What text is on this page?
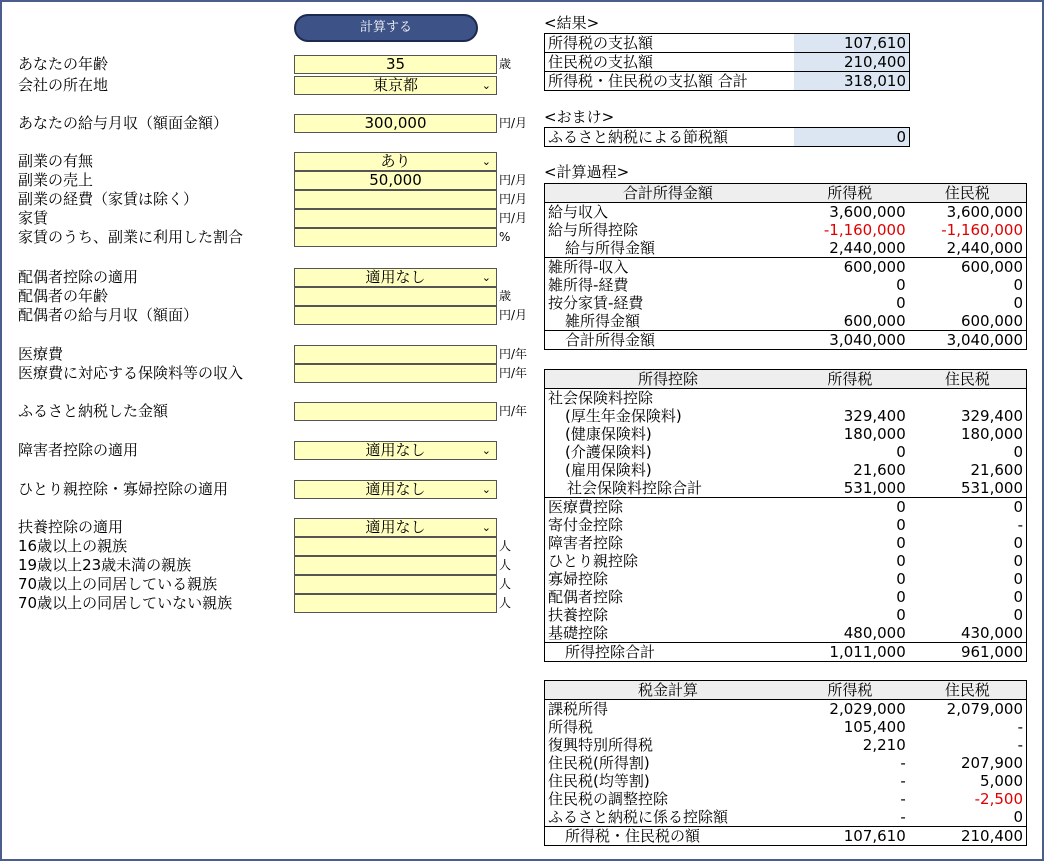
計算する
あなたの年齢	35	歳
会社の所在地	東京都	⌄
あなたの給与月収（額面金額）	300,000	円/月
副業の有無	あり	⌄
副業の売上	50,000	円/月
副業の経費（家賃は除く）	円/月
家賃	円/月
家賃のうち、副業に利用した割合	%
配偶者控除の適用	適用なし	⌄
配偶者の年齢	歳
配偶者の給与月収（額面）	円/月
医療費	円/年
医療費に対応する保険料等の収入	円/年
ふるさと納税した金額	円/年
障害者控除の適用	適用なし	⌄
ひとり親控除・寡婦控除の適用	適用なし	⌄
扶養控除の適用	適用なし	⌄
16歳以上の親族	人
19歳以上23歳未満の親族	人
70歳以上の同居している親族	人
70歳以上の同居していない親族	人
<結果>
所得税の支払額	107,610
住民税の支払額	210,400
所得税・住民税の支払額 合計	318,010
<おまけ>
ふるさと納税による節税額	0
<計算過程>
合計所得金額	所得税	住民税
給与収入	3,600,000	3,600,000
給与所得控除	-1,160,000	-1,160,000
給与所得金額	2,440,000	2,440,000
雑所得-収入	600,000	600,000
雑所得-経費	0	0
按分家賃-経費	0	0
雑所得金額	600,000	600,000
合計所得金額	3,040,000	3,040,000
所得控除	所得税	住民税
社会保険料控除		
(厚生年金保険料)	329,400	329,400
(健康保険料)	180,000	180,000
(介護保険料)	0	0
(雇用保険料)	21,600	21,600
社会保険料控除合計	531,000	531,000
医療費控除	0	0
寄付金控除	0	-
障害者控除	0	0
ひとり親控除	0	0
寡婦控除	0	0
配偶者控除	0	0
扶養控除	0	0
基礎控除	480,000	430,000
所得控除合計	1,011,000	961,000
税金計算	所得税	住民税
課税所得	2,029,000	2,079,000
所得税	105,400	-
復興特別所得税	2,210	-
住民税(所得割)	-	207,900
住民税(均等割)	-	5,000
住民税の調整控除	-	-2,500
ふるさと納税に係る控除額	-	0
所得税・住民税の額	107,610	210,400
